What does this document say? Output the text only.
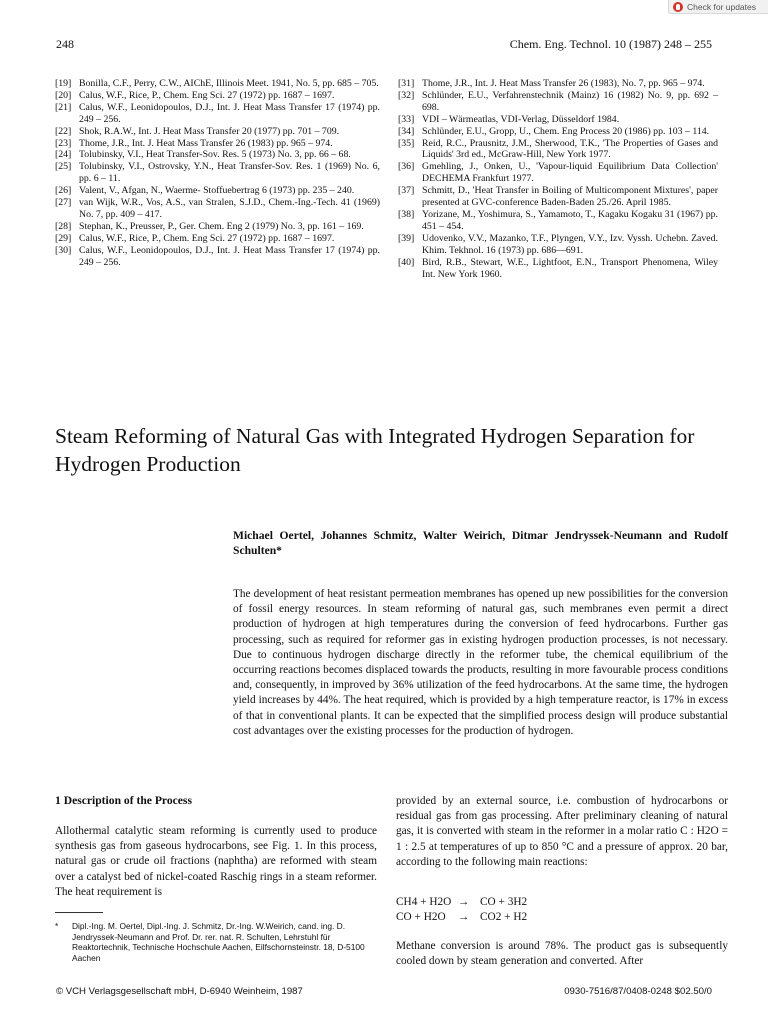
Check for updates
248	Chem. Eng. Technol. 10 (1987) 248 – 255
[19] Bonilla, C.F., Perry, C.W., AIChE, Illinois Meet. 1941, No. 5, pp. 685 – 705.
[20] Calus, W.F., Rice, P., Chem. Eng Sci. 27 (1972) pp. 1687 – 1697.
[21] Calus, W.F., Leonidopoulos, D.J., Int. J. Heat Mass Transfer 17 (1974) pp. 249 – 256.
[22] Shok, R.A.W., Int. J. Heat Mass Transfer 20 (1977) pp. 701 – 709.
[23] Thome, J.R., Int. J. Heat Mass Transfer 26 (1983) pp. 965 – 974.
[24] Tolubinsky, V.I., Heat Transfer-Sov. Res. 5 (1973) No. 3, pp. 66 – 68.
[25] Tolubinsky, V.I., Ostrovsky, Y.N., Heat Transfer-Sov. Res. 1 (1969) No. 6, pp. 6 – 11.
[26] Valent, V., Afgan, N., Waerme- Stoffuebertrag 6 (1973) pp. 235 – 240.
[27] van Wijk, W.R., Vos, A.S., van Stralen, S.J.D., Chem.-Ing.-Tech. 41 (1969) No. 7, pp. 409 – 417.
[28] Stephan, K., Preusser, P., Ger. Chem. Eng 2 (1979) No. 3, pp. 161 – 169.
[29] Calus, W.F., Rice, P., Chem. Eng Sci. 27 (1972) pp. 1687 – 1697.
[30] Calus, W.F., Leonidopoulos, D.J., Int. J. Heat Mass Transfer 17 (1974) pp. 249 – 256.
[31] Thome, J.R., Int. J. Heat Mass Transfer 26 (1983), No. 7, pp. 965 – 974.
[32] Schlünder, E.U., Verfahrenstechnik (Mainz) 16 (1982) No. 9, pp. 692 – 698.
[33] VDI – Wärmeatlas, VDI-Verlag, Düsseldorf 1984.
[34] Schlünder, E.U., Gropp, U., Chem. Eng Process 20 (1986) pp. 103 – 114.
[35] Reid, R.C., Prausnitz, J.M., Sherwood, T.K., 'The Properties of Gases and Liquids' 3rd ed., McGraw-Hill, New York 1977.
[36] Gmehling, J., Onken, U., 'Vapour-liquid Equilibrium Data Collection' DECHEMA Frankfurt 1977.
[37] Schmitt, D., 'Heat Transfer in Boiling of Multicomponent Mixtures', paper presented at GVC-conference Baden-Baden 25./26. April 1985.
[38] Yorizane, M., Yoshimura, S., Yamamoto, T., Kagaku Kogaku 31 (1967) pp. 451 – 454.
[39] Udovenko, V.V., Mazanko, T.F., Plyngen, V.Y., Izv. Vyssh. Uchebn. Zaved. Khim. Tekhnol. 16 (1973) pp. 686—691.
[40] Bird, R.B., Stewart, W.E., Lightfoot, E.N., Transport Phenomena, Wiley Int. New York 1960.
Steam Reforming of Natural Gas with Integrated Hydrogen Separation for Hydrogen Production
Michael Oertel, Johannes Schmitz, Walter Weirich, Ditmar Jendryssek-Neumann and Rudolf Schulten*

The development of heat resistant permeation membranes has opened up new possibilities for the conversion of fossil energy resources. In steam reforming of natural gas, such membranes even permit a direct production of hydrogen at high temperatures during the conversion of feed hydrocarbons. Further gas processing, such as required for reformer gas in existing hydrogen production processes, is not necessary. Due to continuous hydrogen discharge directly in the reformer tube, the chemical equilibrium of the occurring reactions becomes displaced towards the products, resulting in more favourable process conditions and, consequently, in improved by 36% utilization of the feed hydrocarbons. At the same time, the hydrogen yield increases by 44%. The heat required, which is provided by a high temperature reactor, is 17% in excess of that in conventional plants. It can be expected that the simplified process design will produce substantial cost advantages over the existing processes for the production of hydrogen.

1 Description of the Process

Allothermal catalytic steam reforming is currently used to produce synthesis gas from gaseous hydrocarbons, see Fig. 1. In this process, natural gas or crude oil fractions (naphtha) are reformed with steam over a catalyst bed of nickel-coated Raschig rings in a steam reformer. The heat requirement is

*	Dipl.-Ing. M. Oertel, Dipl.-Ing. J. Schmitz, Dr.-Ing. W.Weirich, cand. ing. D. Jendryssek-Neumann and Prof. Dr. rer. nat. R. Schulten, Lehrstuhl für Reaktortechnik, Technische Hochschule Aachen, Eilfschornsteinstr. 18, D-5100 Aachen

provided by an external source, i.e. combustion of hydrocarbons or residual gas from gas processing. After preliminary cleaning of natural gas, it is converted with steam in the reformer in a molar ratio C : H2O = 1 : 2.5 at temperatures of up to 850 °C and a pressure of approx. 20 bar, according to the following main reactions:

CH4 + H2O → CO + 3H2
CO + H2O	→ CO2 + H2

Methane conversion is around 78%. The product gas is subsequently cooled down by steam generation and converted. After

© VCH Verlagsgesellschaft mbH, D-6940 Weinheim, 1987	0930-7516/87/0408-0248 $02.50/0
